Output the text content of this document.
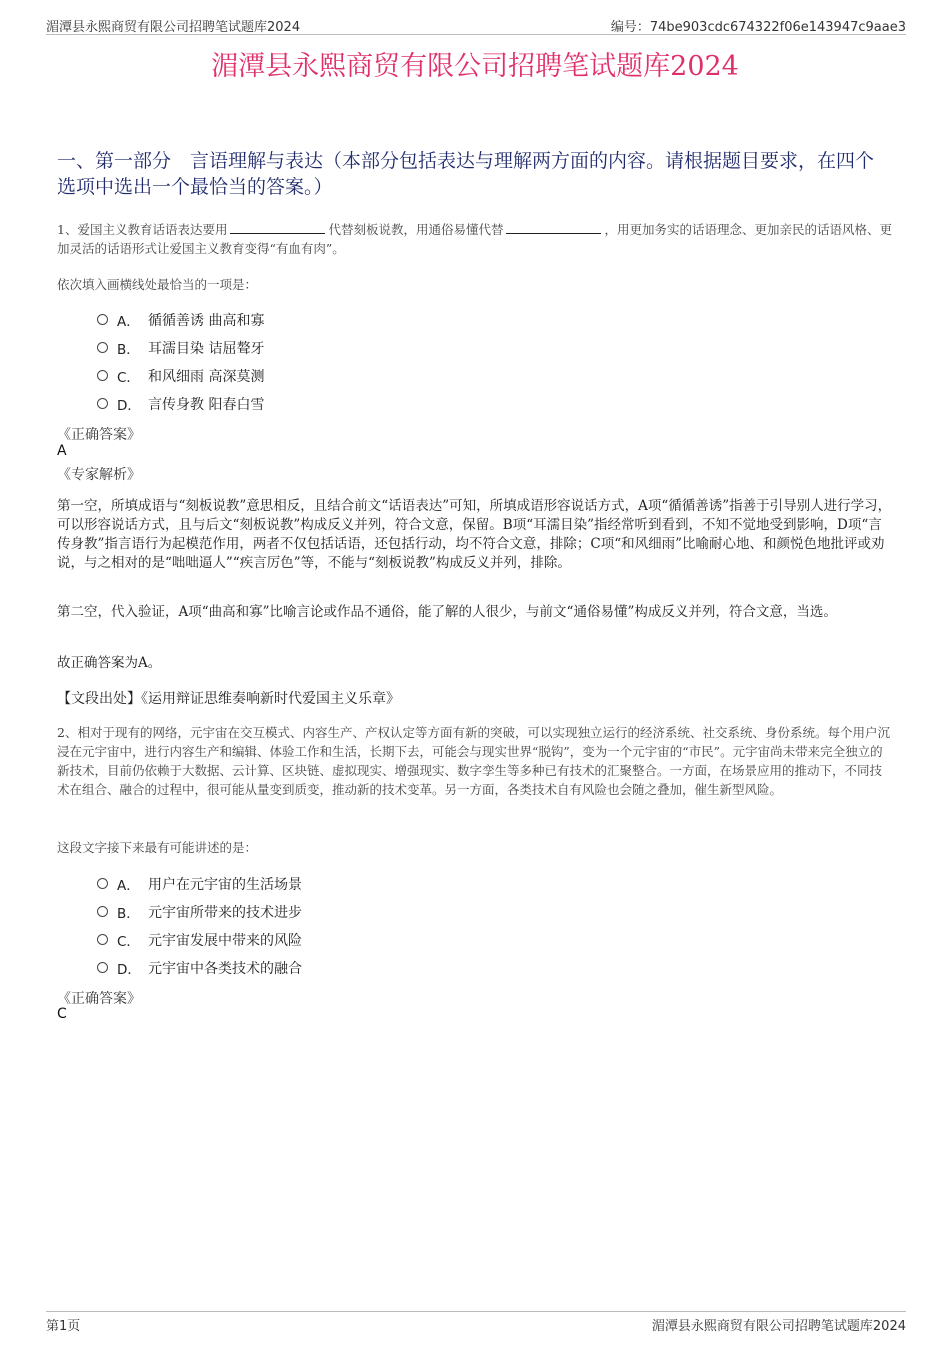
湄潭县永熙商贸有限公司招聘笔试题库2024	编号：74be903cdc674322f06e143947c9aae3
湄潭县永熙商贸有限公司招聘笔试题库2024
一、第一部分　言语理解与表达（本部分包括表达与理解两方面的内容。请根据题目要求，在四个选项中选出一个最恰当的答案。）

1、爱国主义教育话语表达要用	代替刻板说教，用通俗易懂代替	，用更加务实的话语理念、更加亲民的话语风格、更加灵活的话语形式让爱国主义教育变得“有血有肉”。

依次填入画横线处最恰当的一项是：
A． 循循善诱 曲高和寡
B． 耳濡目染 诘屈聱牙
C． 和风细雨 高深莫测
D． 言传身教 阳春白雪
《正确答案》
A
《专家解析》

第一空，所填成语与“刻板说教”意思相反，且结合前文“话语表达”可知，所填成语形容说话方式，A项“循循善诱”指善于引导别人进行学习，可以形容说话方式，且与后文“刻板说教”构成反义并列，符合文意，保留。B项“耳濡目染”指经常听到看到，不知不觉地受到影响，D项“言传身教”指言语行为起模范作用，两者不仅包括话语，还包括行动，均不符合文意，排除；C项“和风细雨”比喻耐心地、和颜悦色地批评或劝说，与之相对的是“咄咄逼人”“疾言厉色”等，不能与“刻板说教”构成反义并列，排除。

第二空，代入验证，A项“曲高和寡”比喻言论或作品不通俗，能了解的人很少，与前文“通俗易懂”构成反义并列，符合文意，当选。

故正确答案为A。

【文段出处】《运用辩证思维奏响新时代爱国主义乐章》

2、相对于现有的网络，元宇宙在交互模式、内容生产、产权认定等方面有新的突破，可以实现独立运行的经济系统、社交系统、身份系统。每个用户沉浸在元宇宙中，进行内容生产和编辑、体验工作和生活，长期下去，可能会与现实世界“脱钩”，变为一个元宇宙的“市民”。元宇宙尚未带来完全独立的新技术，目前仍依赖于大数据、云计算、区块链、虚拟现实、增强现实、数字孪生等多种已有技术的汇聚整合。一方面，在场景应用的推动下，不同技术在组合、融合的过程中，很可能从量变到质变，推动新的技术变革。另一方面，各类技术自有风险也会随之叠加，催生新型风险。

这段文字接下来最有可能讲述的是：
A． 用户在元宇宙的生活场景
B． 元宇宙所带来的技术进步
C． 元宇宙发展中带来的风险
D． 元宇宙中各类技术的融合
《正确答案》
C
第1页	湄潭县永熙商贸有限公司招聘笔试题库2024
